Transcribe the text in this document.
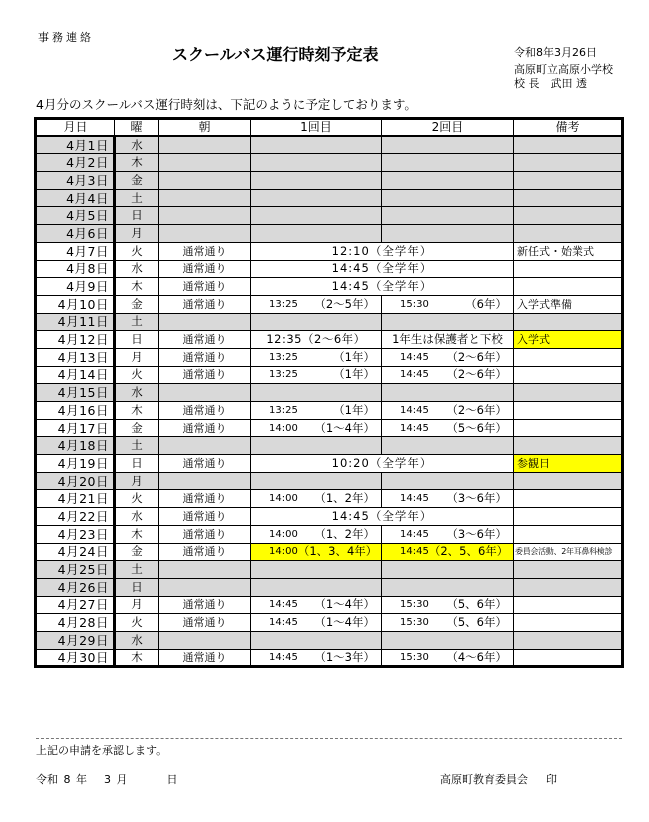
事務連絡
スクールバス運行時刻予定表	令和8年3月26日
高原町立高原小学校
校 長　武田 透
4月分のスクールバス運行時刻は、下記のように予定しております。
月日	曜	朝	1回目	2回目	備考
4月1日	水				
4月2日	木				
4月3日	金				
4月4日	土				
4月5日	日				
4月6日	月				
4月7日	火	通常通り	12:10（全学年）		新任式・始業式
4月8日	水	通常通り	14:45（全学年）		
4月9日	木	通常通り	14:45（全学年）		
4月10日	金	通常通り	13:25 （2～5年）	15:30 （6年）	入学式準備
4月11日	土				
4月12日	日	通常通り	12:35（2～6年）	1年生は保護者と下校	入学式
4月13日	月	通常通り	13:25 （1年）	14:45 （2～6年）	

4月14日	火	通常通り	13:25 （1年）	14:45 （2～6年）	

4月15日	水				
4月16日	木	通常通り	13:25 （1年）	14:45 （2～6年）	

4月17日	金	通常通り	14:00 （1～4年）	14:45 （5～6年）	

4月18日	土				
4月19日	日	通常通り	10:20（全学年）		参観日
4月20日	月				
4月21日	火	通常通り	14:00 （1、2年）	14:45 （3～6年）	

4月22日	水	通常通り	14:45（全学年）		
4月23日	木	通常通り	14:00 （1、2年）	14:45 （3～6年）	

4月24日	金	通常通り	14:00 （1、3、4年）	14:45 （2、5、6年）	委員会活動、2年耳鼻科検診
4月25日	土				
4月26日	日				
4月27日	月	通常通り	14:45 （1～4年）	15:30 （5、6年）	

4月28日	火	通常通り	14:45 （1～4年）	15:30 （5、6年）	

4月29日	水				
4月30日	木	通常通り	14:45 （1～3年）	15:30 （4～6年）	

上記の申請を承認します。
令和 8 年 3 月	日	高原町教育委員会 印
